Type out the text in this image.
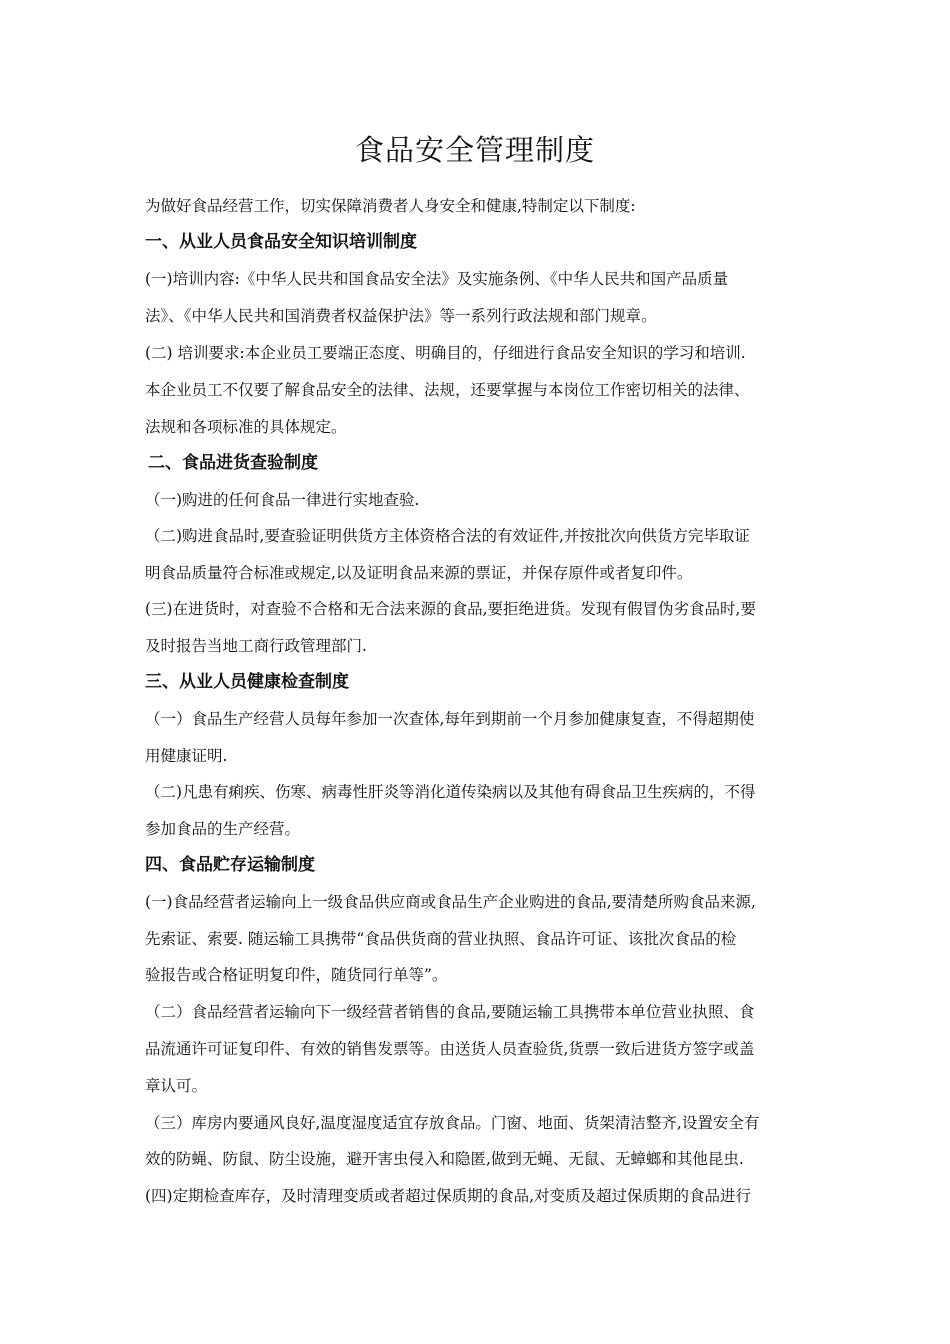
食品安全管理制度

为做好食品经营工作，切实保障消费者人身安全和健康,特制定以下制度:

一、从业人员食品安全知识培训制度

(一)培训内容:《中华人民共和国食品安全法》及实施条例、《中华人民共和国产品质量

法》、《中华人民共和国消费者权益保护法》等一系列行政法规和部门规章。

(二) 培训要求:本企业员工要端正态度、明确目的，仔细进行食品安全知识的学习和培训.

本企业员工不仅要了解食品安全的法律、法规，还要掌握与本岗位工作密切相关的法律、

法规和各项标准的具体规定。

二、食品进货查验制度

（一)购进的任何食品一律进行实地查验.

（二)购进食品时,要查验证明供货方主体资格合法的有效证件,并按批次向供货方完毕取证

明食品质量符合标准或规定,以及证明食品来源的票证，并保存原件或者复印件。

(三)在进货时，对查验不合格和无合法来源的食品,要拒绝进货。发现有假冒伪劣食品时,要

及时报告当地工商行政管理部门.

三、从业人员健康检查制度

（一）食品生产经营人员每年参加一次查体,每年到期前一个月参加健康复查，不得超期使

用健康证明.

（二)凡患有痢疾、伤寒、病毒性肝炎等消化道传染病以及其他有碍食品卫生疾病的，不得

参加食品的生产经营。

四、食品贮存运输制度

(一)食品经营者运输向上一级食品供应商或食品生产企业购进的食品,要清楚所购食品来源,

先索证、索要. 随运输工具携带“食品供货商的营业执照、食品许可证、该批次食品的检

验报告或合格证明复印件，随货同行单等”。

（二）食品经营者运输向下一级经营者销售的食品,要随运输工具携带本单位营业执照、食

品流通许可证复印件、有效的销售发票等。由送货人员查验货,货票一致后进货方签字或盖

章认可。

（三）库房内要通风良好,温度湿度适宜存放食品。门窗、地面、货架清洁整齐,设置安全有

效的防蝇、防鼠、防尘设施，避开害虫侵入和隐匿,做到无蝇、无鼠、无蟑螂和其他昆虫.

(四)定期检查库存，及时清理变质或者超过保质期的食品,对变质及超过保质期的食品进行
